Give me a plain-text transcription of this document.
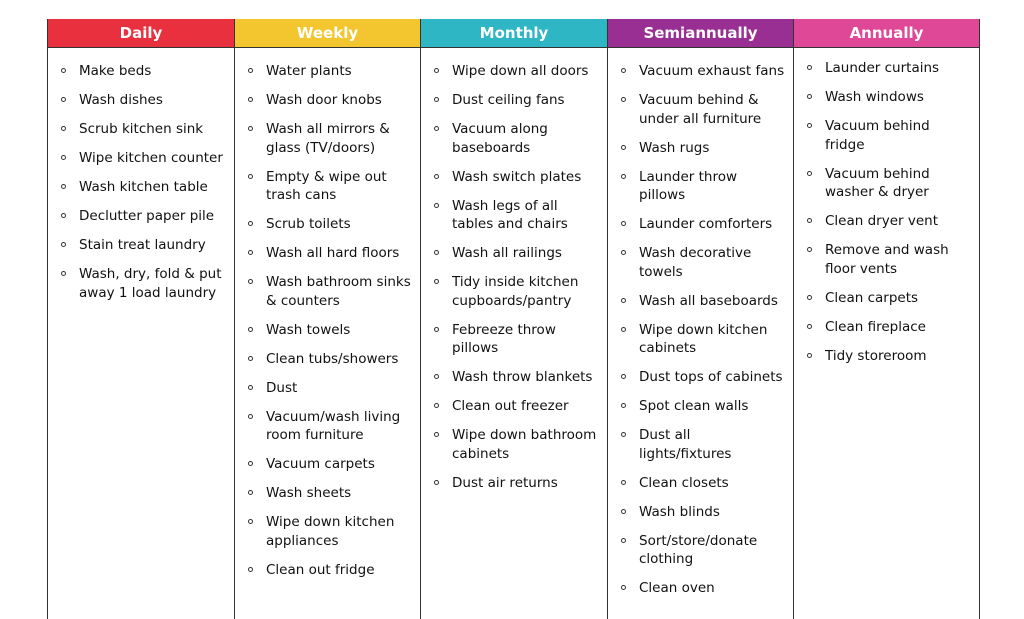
Daily
Make beds
Wash dishes
Scrub kitchen sink
Wipe kitchen counter
Wash kitchen table
Declutter paper pile
Stain treat laundry
Wash, dry, fold & put away 1 load laundry
Weekly
Water plants
Wash door knobs
Wash all mirrors & glass (TV/doors)
Empty & wipe out trash cans
Scrub toilets
Wash all hard floors
Wash bathroom sinks & counters
Wash towels
Clean tubs/showers
Dust
Vacuum/wash living room furniture
Vacuum carpets
Wash sheets
Wipe down kitchen appliances
Clean out fridge
Monthly
Wipe down all doors
Dust ceiling fans
Vacuum along baseboards
Wash switch plates
Wash legs of all tables and chairs
Wash all railings
Tidy inside kitchen cupboards/pantry
Febreeze throw pillows
Wash throw blankets
Clean out freezer
Wipe down bathroom cabinets
Dust air returns
Semiannually
Vacuum exhaust fans
Vacuum behind & under all furniture
Wash rugs
Launder throw pillows
Launder comforters
Wash decorative towels
Wash all baseboards
Wipe down kitchen cabinets
Dust tops of cabinets
Spot clean walls
Dust all lights/fixtures
Clean closets
Wash blinds
Sort/store/donate clothing
Clean oven
Annually
Launder curtains
Wash windows
Vacuum behind fridge
Vacuum behind washer & dryer
Clean dryer vent
Remove and wash floor vents
Clean carpets
Clean fireplace
Tidy storeroom
